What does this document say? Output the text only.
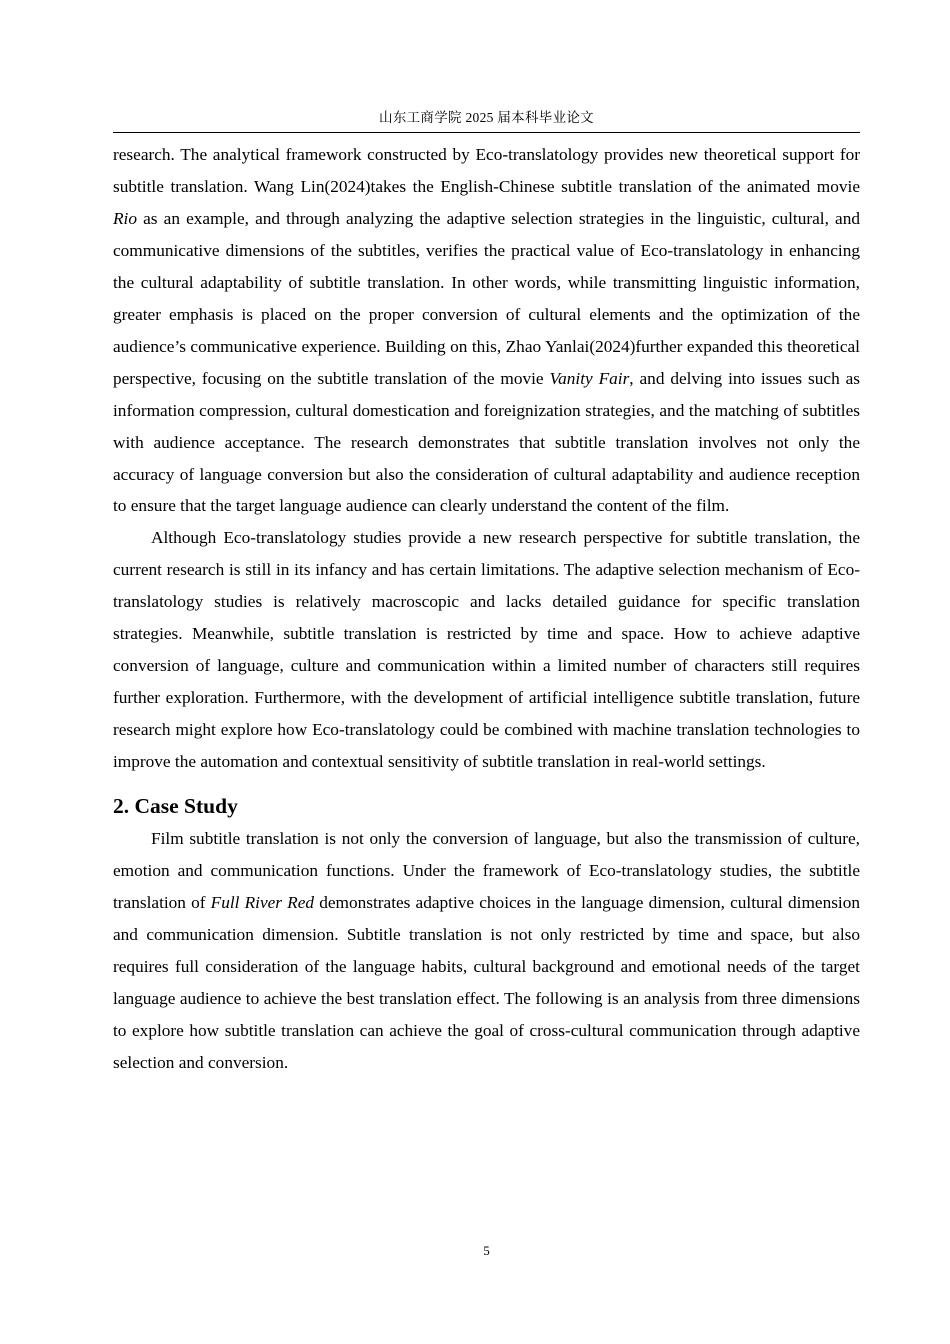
山东工商学院 2025 届本科毕业论文

research. The analytical framework constructed by Eco-translatology provides new theoretical support for subtitle translation. Wang Lin(2024)takes the English-Chinese subtitle translation of the animated movie Rio as an example, and through analyzing the adaptive selection strategies in the linguistic, cultural, and communicative dimensions of the subtitles, verifies the practical value of Eco-translatology in enhancing the cultural adaptability of subtitle translation. In other words, while transmitting linguistic information, greater emphasis is placed on the proper conversion of cultural elements and the optimization of the audience’s communicative experience. Building on this, Zhao Yanlai(2024)further expanded this theoretical perspective, focusing on the subtitle translation of the movie Vanity Fair, and delving into issues such as information compression, cultural domestication and foreignization strategies, and the matching of subtitles with audience acceptance. The research demonstrates that subtitle translation involves not only the accuracy of language conversion but also the consideration of cultural adaptability and audience reception to ensure that the target language audience can clearly understand the content of the film.

Although Eco-translatology studies provide a new research perspective for subtitle translation, the current research is still in its infancy and has certain limitations. The adaptive selection mechanism of Eco-translatology studies is relatively macroscopic and lacks detailed guidance for specific translation strategies. Meanwhile, subtitle translation is restricted by time and space. How to achieve adaptive conversion of language, culture and communication within a limited number of characters still requires further exploration. Furthermore, with the development of artificial intelligence subtitle translation, future research might explore how Eco-translatology could be combined with machine translation technologies to improve the automation and contextual sensitivity of subtitle translation in real-world settings.

2. Case Study

Film subtitle translation is not only the conversion of language, but also the transmission of culture, emotion and communication functions. Under the framework of Eco-translatology studies, the subtitle translation of Full River Red demonstrates adaptive choices in the language dimension, cultural dimension and communication dimension. Subtitle translation is not only restricted by time and space, but also requires full consideration of the language habits, cultural background and emotional needs of the target language audience to achieve the best translation effect. The following is an analysis from three dimensions to explore how subtitle translation can achieve the goal of cross-cultural communication through adaptive selection and conversion.

5
